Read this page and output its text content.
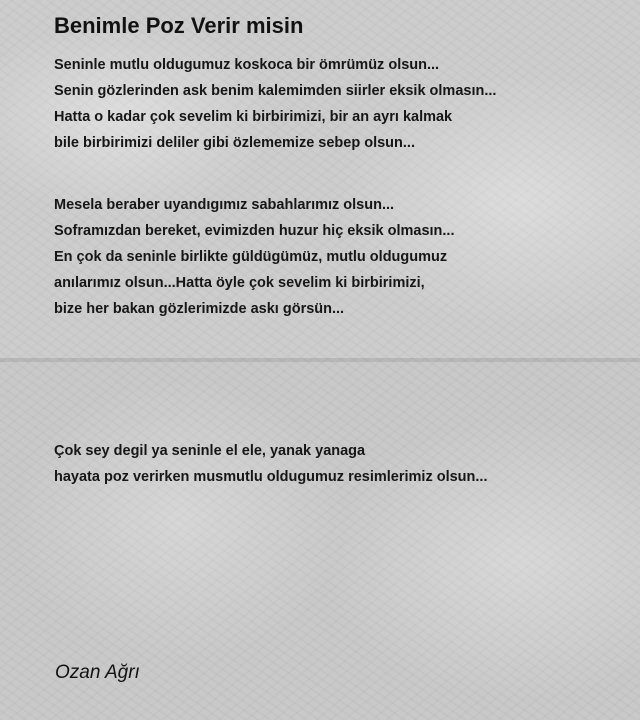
Benimle Poz Verir misin
Seninle mutlu oldugumuz koskoca bir ömrümüz olsun...
Senin gözlerinden ask benim kalemimden siirler eksik olmasın...
Hatta o kadar çok sevelim ki birbirimizi, bir an ayrı kalmak
bile birbirimizi deliler gibi özlememize sebep olsun...
Mesela beraber uyandıgımız sabahlarımız olsun...
Soframızdan bereket, evimizden huzur hiç eksik olmasın...
En çok da seninle birlikte güldügümüz, mutlu oldugumuz
anılarımız olsun...Hatta öyle çok sevelim ki birbirimizi,
bize her bakan gözlerimizde askı görsün...
Çok sey degil ya seninle el ele, yanak yanaga
hayata poz verirken musmutlu oldugumuz resimlerimiz olsun...
Ozan Ağrı
